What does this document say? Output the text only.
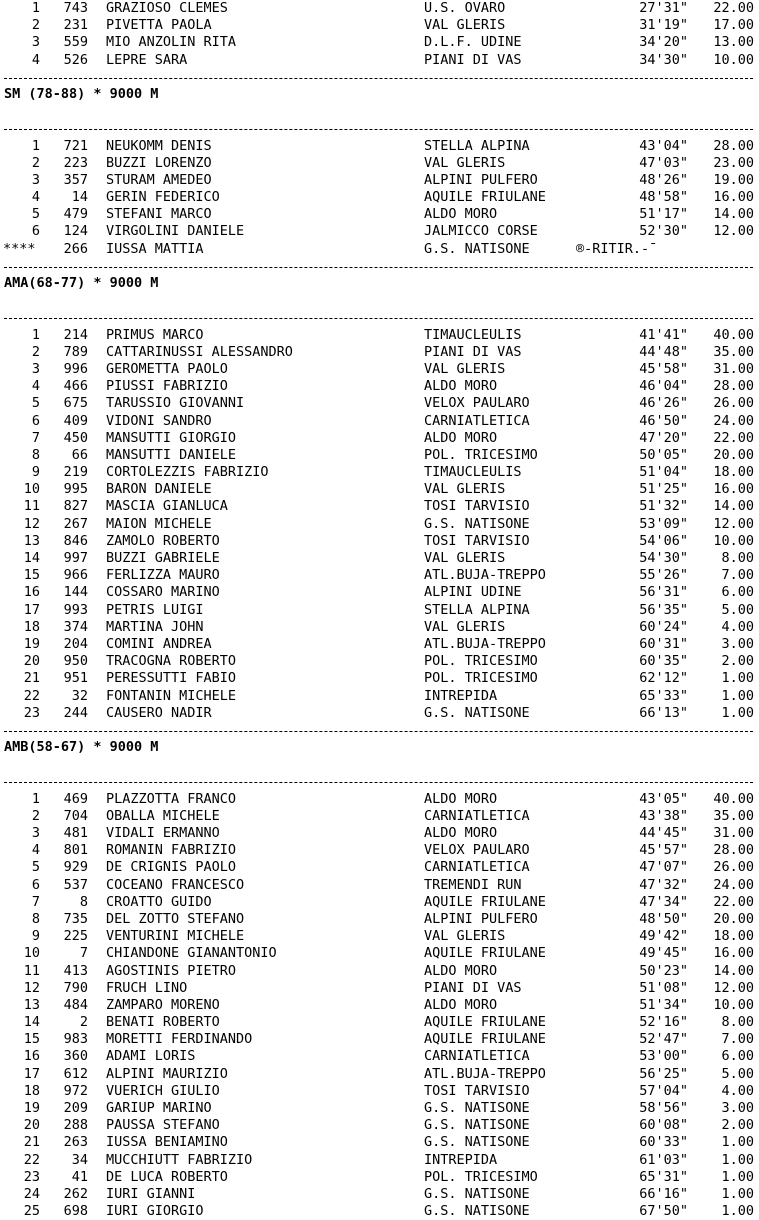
1	743 GRAZIOSO CLEMES	U.S. OVARO	27'31"	22.00
2	231 PIVETTA PAOLA	VAL GLERIS	31'19"	17.00
3	559 MIO ANZOLIN RITA	D.L.F. UDINE	34'20"	13.00
4	526 LEPRE SARA	PIANI DI VAS	34'30"	10.00
SM (78-88) * 9000 M
1	721 NEUKOMM DENIS	STELLA ALPINA	43'04"	28.00
2	223 BUZZI LORENZO	VAL GLERIS	47'03"	23.00
3	357 STURAM AMEDEO	ALPINI PULFERO	48'26"	19.00
4	14 GERIN FEDERICO	AQUILE FRIULANE	48'58"	16.00
5	479 STEFANI MARCO	ALDO MORO	51'17"	14.00
6	124 VIRGOLINI DANIELE	JALMICCO CORSE	52'30"	12.00
****	266 IUSSA MATTIA	G.S. NATISONE	®-RITIR.-¯
AMA(68-77) * 9000 M
1	214 PRIMUS MARCO	TIMAUCLEULIS	41'41"	40.00
2	789 CATTARINUSSI ALESSANDRO	PIANI DI VAS	44'48"	35.00
3	996 GEROMETTA PAOLO	VAL GLERIS	45'58"	31.00
4	466 PIUSSI FABRIZIO	ALDO MORO	46'04"	28.00
5	675 TARUSSIO GIOVANNI	VELOX PAULARO	46'26"	26.00
6	409 VIDONI SANDRO	CARNIATLETICA	46'50"	24.00
7	450 MANSUTTI GIORGIO	ALDO MORO	47'20"	22.00
8	66 MANSUTTI DANIELE	POL. TRICESIMO	50'05"	20.00
9	219 CORTOLEZZIS FABRIZIO	TIMAUCLEULIS	51'04"	18.00
10	995 BARON DANIELE	VAL GLERIS	51'25"	16.00
11	827 MASCIA GIANLUCA	TOSI TARVISIO	51'32"	14.00
12	267 MAION MICHELE	G.S. NATISONE	53'09"	12.00
13	846 ZAMOLO ROBERTO	TOSI TARVISIO	54'06"	10.00
14	997 BUZZI GABRIELE	VAL GLERIS	54'30"	8.00
15	966 FERLIZZA MAURO	ATL.BUJA-TREPPO	55'26"	7.00
16	144 COSSARO MARINO	ALPINI UDINE	56'31"	6.00
17	993 PETRIS LUIGI	STELLA ALPINA	56'35"	5.00
18	374 MARTINA JOHN	VAL GLERIS	60'24"	4.00
19	204 COMINI ANDREA	ATL.BUJA-TREPPO	60'31"	3.00
20	950 TRACOGNA ROBERTO	POL. TRICESIMO	60'35"	2.00
21	951 PERESSUTTI FABIO	POL. TRICESIMO	62'12"	1.00
22	32 FONTANIN MICHELE	INTREPIDA	65'33"	1.00
23	244 CAUSERO NADIR	G.S. NATISONE	66'13"	1.00
AMB(58-67) * 9000 M
1	469 PLAZZOTTA FRANCO	ALDO MORO	43'05"	40.00
2	704 OBALLA MICHELE	CARNIATLETICA	43'38"	35.00
3	481 VIDALI ERMANNO	ALDO MORO	44'45"	31.00
4	801 ROMANIN FABRIZIO	VELOX PAULARO	45'57"	28.00
5	929 DE CRIGNIS PAOLO	CARNIATLETICA	47'07"	26.00
6	537 COCEANO FRANCESCO	TREMENDI RUN	47'32"	24.00
7	8 CROATTO GUIDO	AQUILE FRIULANE	47'34"	22.00
8	735 DEL ZOTTO STEFANO	ALPINI PULFERO	48'50"	20.00
9	225 VENTURINI MICHELE	VAL GLERIS	49'42"	18.00
10	7 CHIANDONE GIANANTONIO	AQUILE FRIULANE	49'45"	16.00
11	413 AGOSTINIS PIETRO	ALDO MORO	50'23"	14.00
12	790 FRUCH LINO	PIANI DI VAS	51'08"	12.00
13	484 ZAMPARO MORENO	ALDO MORO	51'34"	10.00
14	2 BENATI ROBERTO	AQUILE FRIULANE	52'16"	8.00
15	983 MORETTI FERDINANDO	AQUILE FRIULANE	52'47"	7.00
16	360 ADAMI LORIS	CARNIATLETICA	53'00"	6.00
17	612 ALPINI MAURIZIO	ATL.BUJA-TREPPO	56'25"	5.00
18	972 VUERICH GIULIO	TOSI TARVISIO	57'04"	4.00
19	209 GARIUP MARINO	G.S. NATISONE	58'56"	3.00
20	288 PAUSSA STEFANO	G.S. NATISONE	60'08"	2.00
21	263 IUSSA BENIAMINO	G.S. NATISONE	60'33"	1.00
22	34 MUCCHIUTT FABRIZIO	INTREPIDA	61'03"	1.00
23	41 DE LUCA ROBERTO	POL. TRICESIMO	65'31"	1.00
24	262 IURI GIANNI	G.S. NATISONE	66'16"	1.00
25	698 IURI GIORGIO	G.S. NATISONE	67'50"	1.00
